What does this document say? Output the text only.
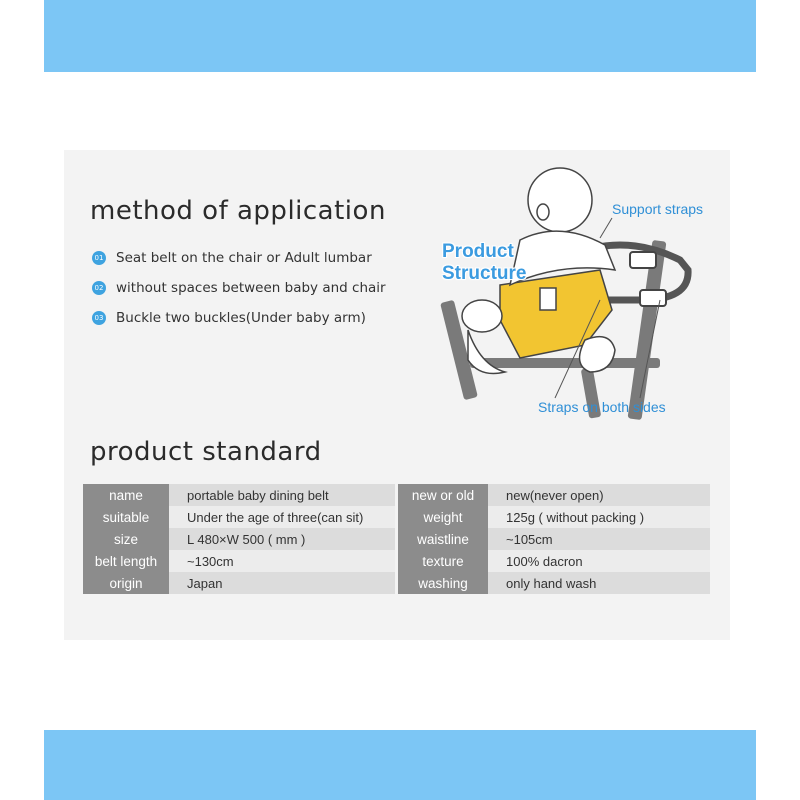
method of application
01 Seat belt on the chair or Adult lumbar
02 without spaces between baby and chair
03 Buckle two buckles(Under baby arm)
Product
Structure
Support straps
Straps on both sides
product standard
name	portable baby dining belt
suitable	Under the age of three(can sit)
size	L 480×W 500 ( mm )
belt length	~130cm
origin	Japan
new or old	new(never open)
weight	125g ( without packing )
waistline	~105cm
texture	100% dacron
washing	only hand wash
